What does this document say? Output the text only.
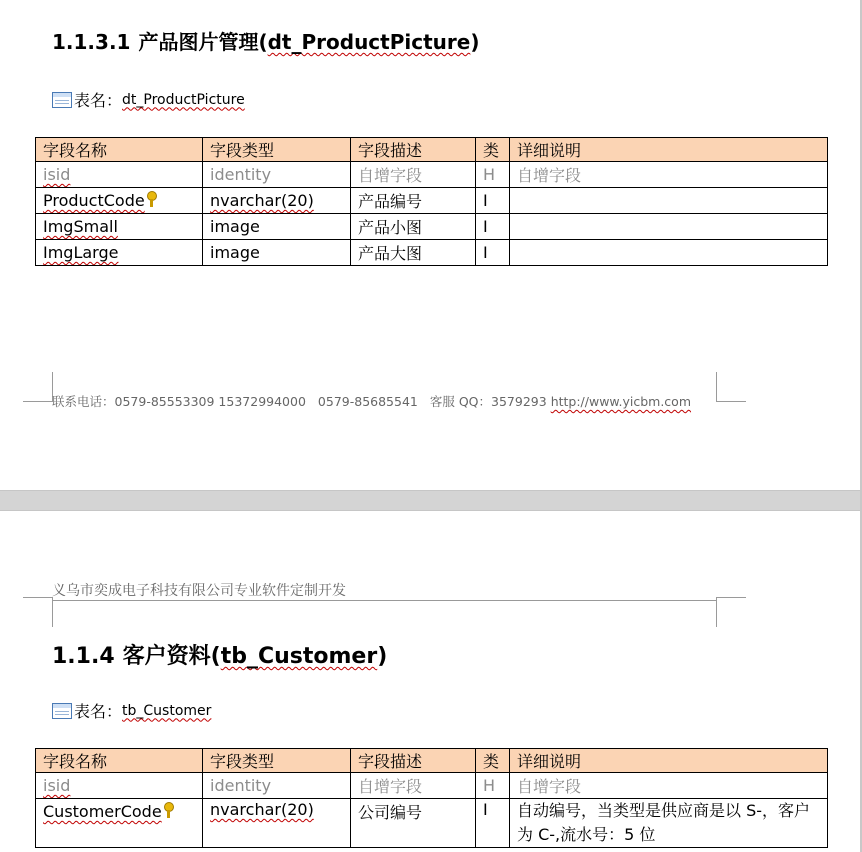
1.1.3.1 产品图片管理(dt_ProductPicture)
表名： dt_ProductPicture
字段名称	字段类型	字段描述	类	详细说明
isid	identity	自增字段	H	自增字段
ProductCode	nvarchar(20)	产品编号	I	
ImgSmall	image	产品小图	I	
ImgLarge	image	产品大图	I	
联系电话：0579-85553309 15372994000 0579-85685541 客服 QQ：3579293 http://www.yicbm.com
义乌市奕成电子科技有限公司专业软件定制开发
1.1.4 客户资料(tb_Customer)
表名： tb_Customer
字段名称	字段类型	字段描述	类	详细说明
isid	identity	自增字段	H	自增字段
CustomerCode	nvarchar(20)	公司编号	I	自动编号，当类型是供应商是以 S-，客户为 C-,流水号：5 位
